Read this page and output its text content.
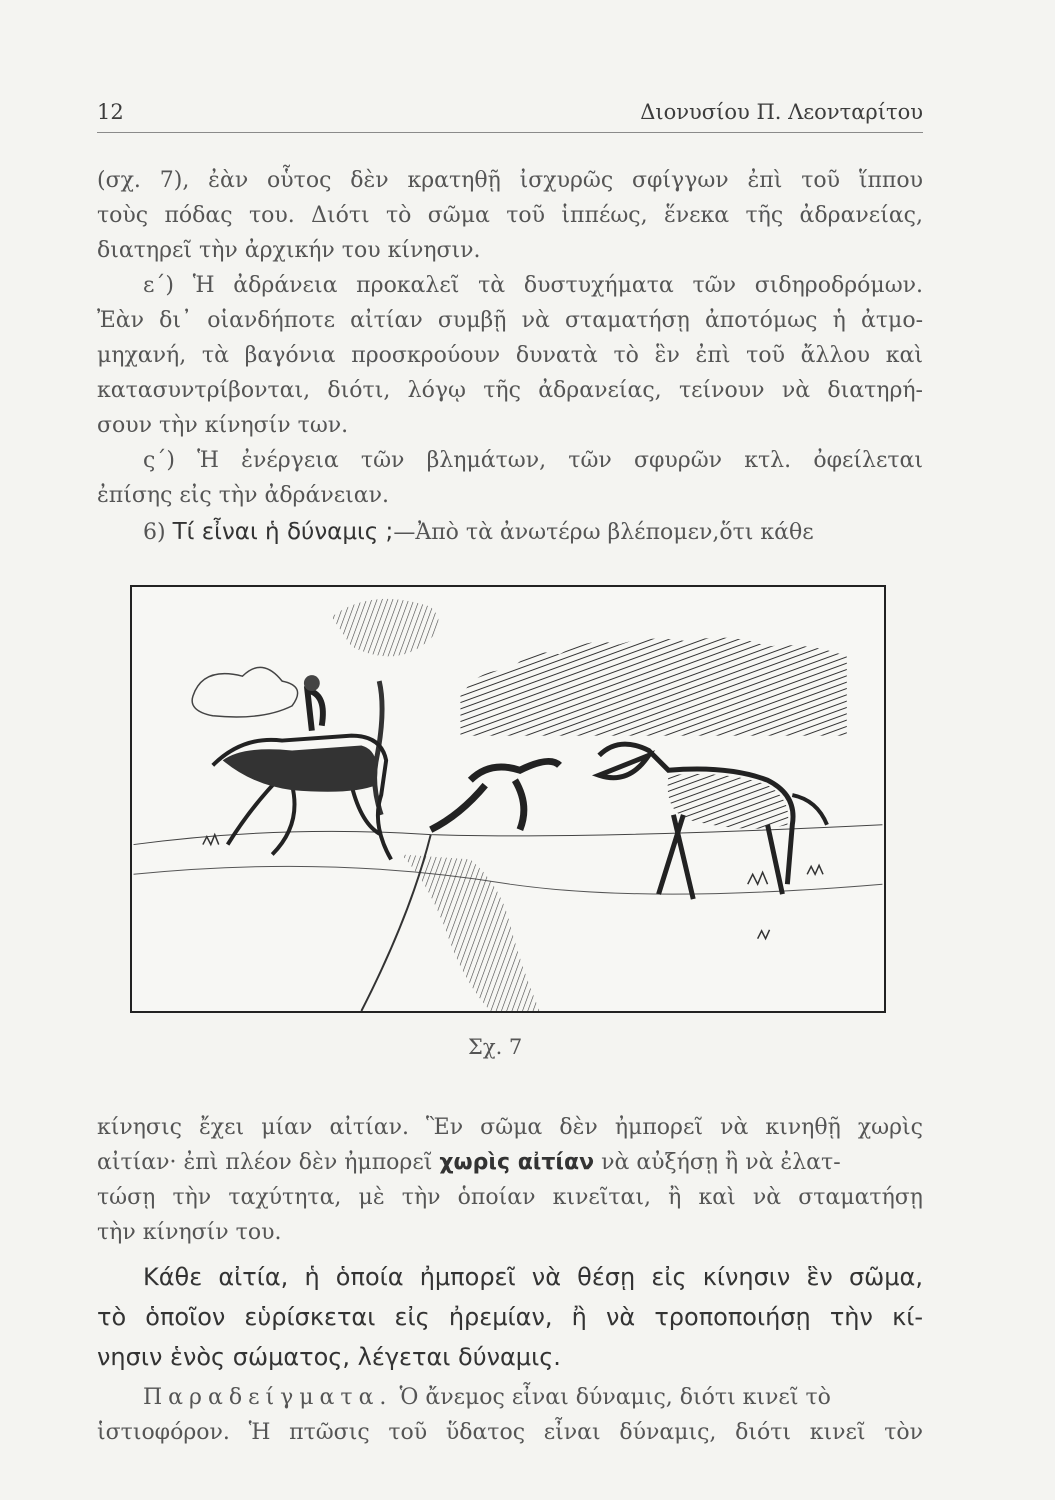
12	Διονυσίου Π. Λεονταρίτου
(σχ. 7), ἐὰν οὗτος δὲν κρατηθῇ ἰσχυρῶς σφίγγων ἐπὶ τοῦ ἵππου
τοὺς πόδας του. Διότι τὸ σῶμα τοῦ ἱππέως, ἕνεκα τῆς ἀδρανείας,
διατηρεῖ τὴν ἀρχικήν του κίνησιν.
ε΄) Ἡ ἀδράνεια προκαλεῖ τὰ δυστυχήματα τῶν σιδηροδρόμων.
Ἐὰν δι᾿ οἱανδήποτε αἰτίαν συμβῇ νὰ σταματήσῃ ἀποτόμως ἡ ἀτμο-
μηχανή, τὰ βαγόνια προσκρούουν δυνατὰ τὸ ἓν ἐπὶ τοῦ ἄλλου καὶ
κατασυντρίβονται, διότι, λόγῳ τῆς ἀδρανείας, τείνουν νὰ διατηρή-
σουν τὴν κίνησίν των.
ς΄) Ἡ ἐνέργεια τῶν βλημάτων, τῶν σφυρῶν κτλ. ὀφείλεται
ἐπίσης εἰς τὴν ἀδράνειαν.
6) Τί εἶναι ἡ δύναμις ;—Ἀπὸ τὰ ἀνωτέρω βλέπομεν,ὅτι κάθε
Σχ. 7
κίνησις ἔχει μίαν αἰτίαν. Ἓν σῶμα δὲν ἠμπορεῖ νὰ κινηθῇ χωρὶς
αἰτίαν· ἐπὶ πλέον δὲν ἠμπορεῖ χωρὶς αἰτίαν νὰ αὐξήσῃ ἢ νὰ ἐλατ-
τώσῃ τὴν ταχύτητα, μὲ τὴν ὁποίαν κινεῖται, ἢ καὶ νὰ σταματήσῃ
τὴν κίνησίν του.
Κάθε αἰτία, ἡ ὁποία ἠμπορεῖ νὰ θέσῃ εἰς κίνησιν ἓν σῶμα,
τὸ ὁποῖον εὑρίσκεται εἰς ἠρεμίαν, ἢ νὰ τροποποιήσῃ τὴν κί-
νησιν ἑνὸς σώματος, λέγεται δύναμις.
Παραδείγματα. Ὁ ἄνεμος εἶναι δύναμις, διότι κινεῖ τὸ
ἱστιοφόρον. Ἡ πτῶσις τοῦ ὕδατος εἶναι δύναμις, διότι κινεῖ τὸν
